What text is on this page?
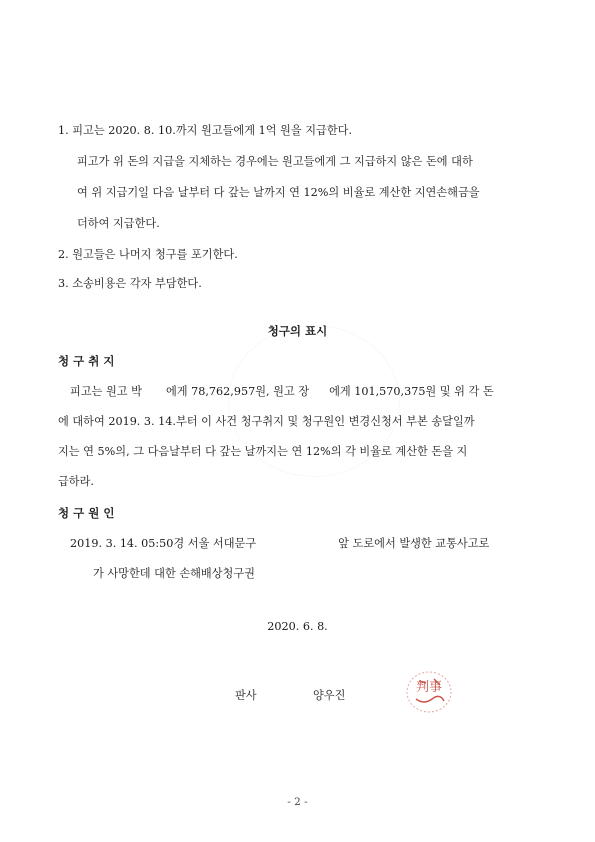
1. 피고는 2020. 8. 10.까지 원고들에게 1억 원을 지급한다.
피고가 위 돈의 지급을 지체하는 경우에는 원고들에게 그 지급하지 않은 돈에 대하
여 위 지급기일 다음 날부터 다 갚는 날까지 연 12%의 비율로 계산한 지연손해금을
더하여 지급한다.
2. 원고들은 나머지 청구를 포기한다.
3. 소송비용은 각자 부담한다.
청구의 표시
청 구 취 지
피고는 원고 박 에게 78,762,957원, 원고 장 에게 101,570,375원 및 위 각 돈
에 대하여 2019. 3. 14.부터 이 사건 청구취지 및 청구원인 변경신청서 부본 송달일까
지는 연 5%의, 그 다음날부터 다 갚는 날까지는 연 12%의 각 비율로 계산한 돈을 지
급하라.
청 구 원 인
2019. 3. 14. 05:50경 서울 서대문구	앞 도로에서 발생한 교통사고로
가 사망한데 대한 손해배상청구권
2020. 6. 8.
판사	양우진
判事
- 2 -
